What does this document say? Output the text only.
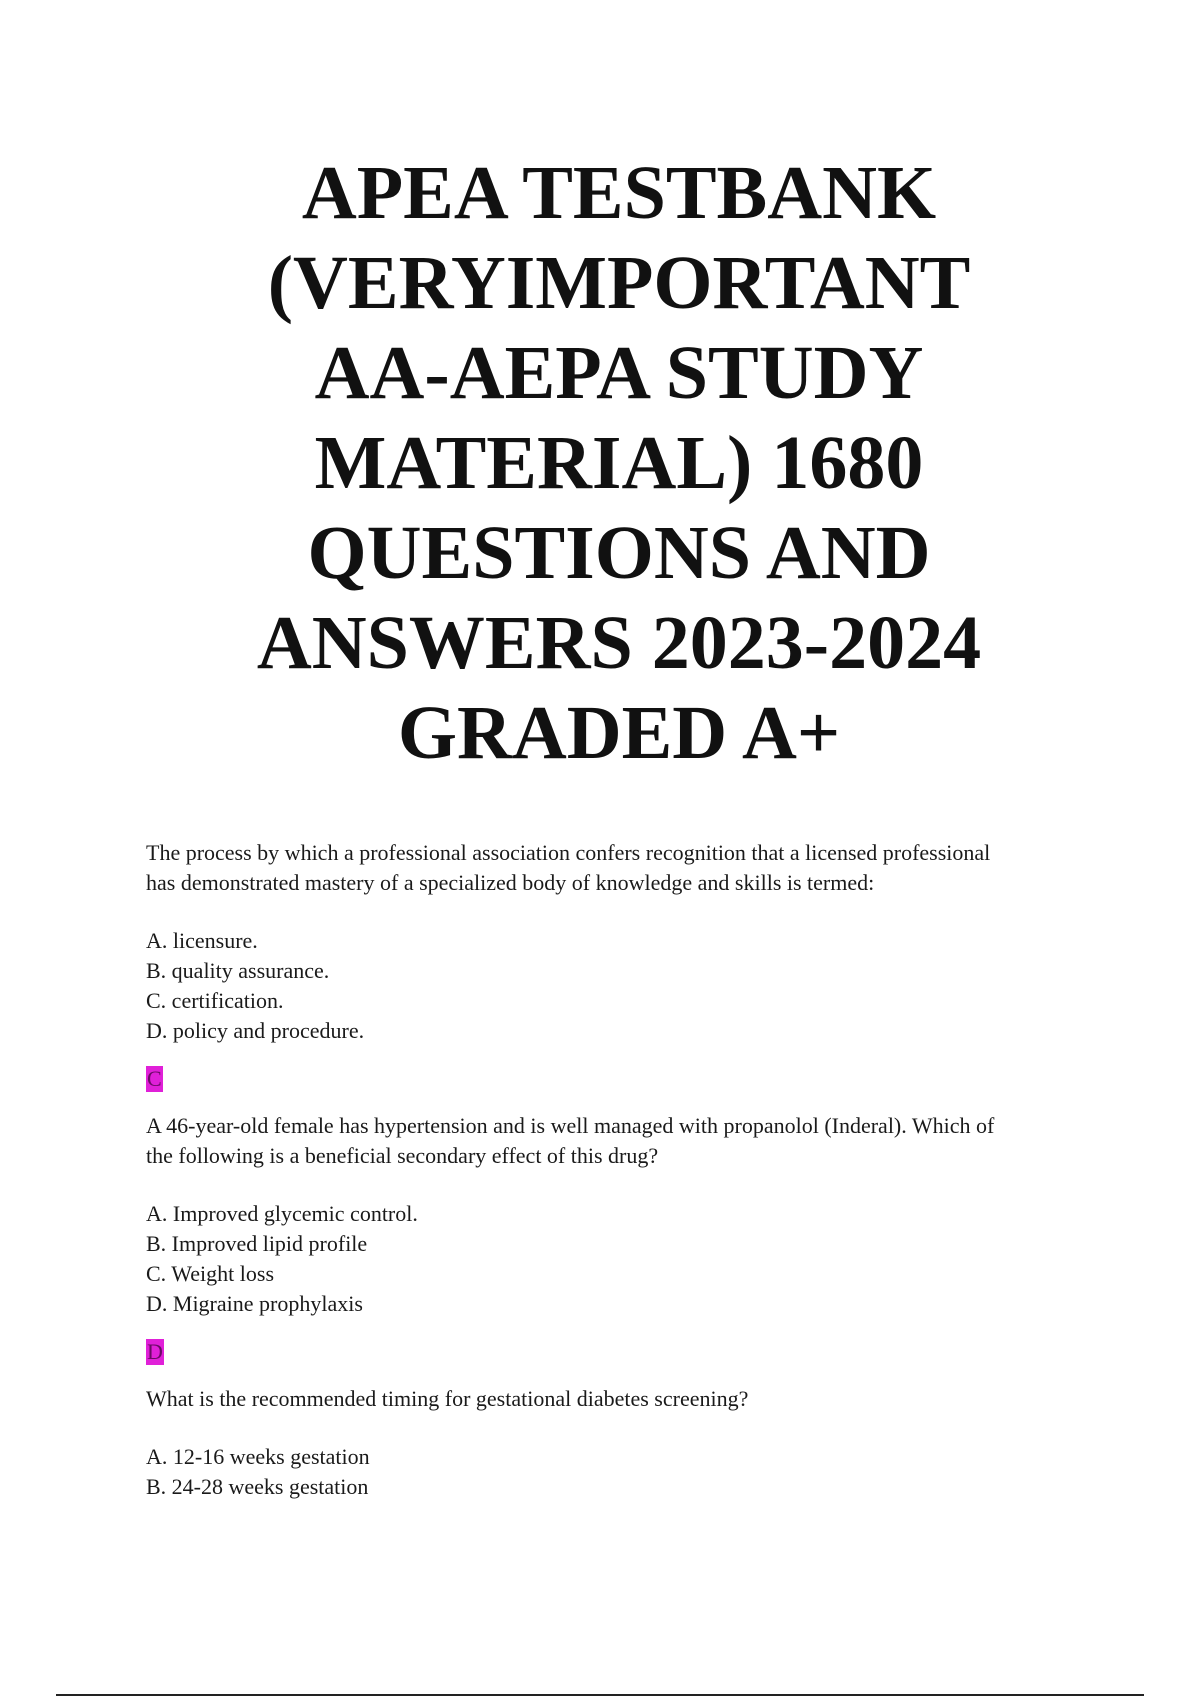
APEA TESTBANK
(VERYIMPORTANT
AA-AEPA STUDY
MATERIAL) 1680
QUESTIONS AND
ANSWERS 2023-2024
GRADED A+

The process by which a professional association confers recognition that a licensed professional
has demonstrated mastery of a specialized body of knowledge and skills is termed:

A. licensure.
B. quality assurance.
C. certification.
D. policy and procedure.
C

A 46-year-old female has hypertension and is well managed with propanolol (Inderal). Which of
the following is a beneficial secondary effect of this drug?

A. Improved glycemic control.
B. Improved lipid profile
C. Weight loss
D. Migraine prophylaxis
D

What is the recommended timing for gestational diabetes screening?

A. 12-16 weeks gestation
B. 24-28 weeks gestation
